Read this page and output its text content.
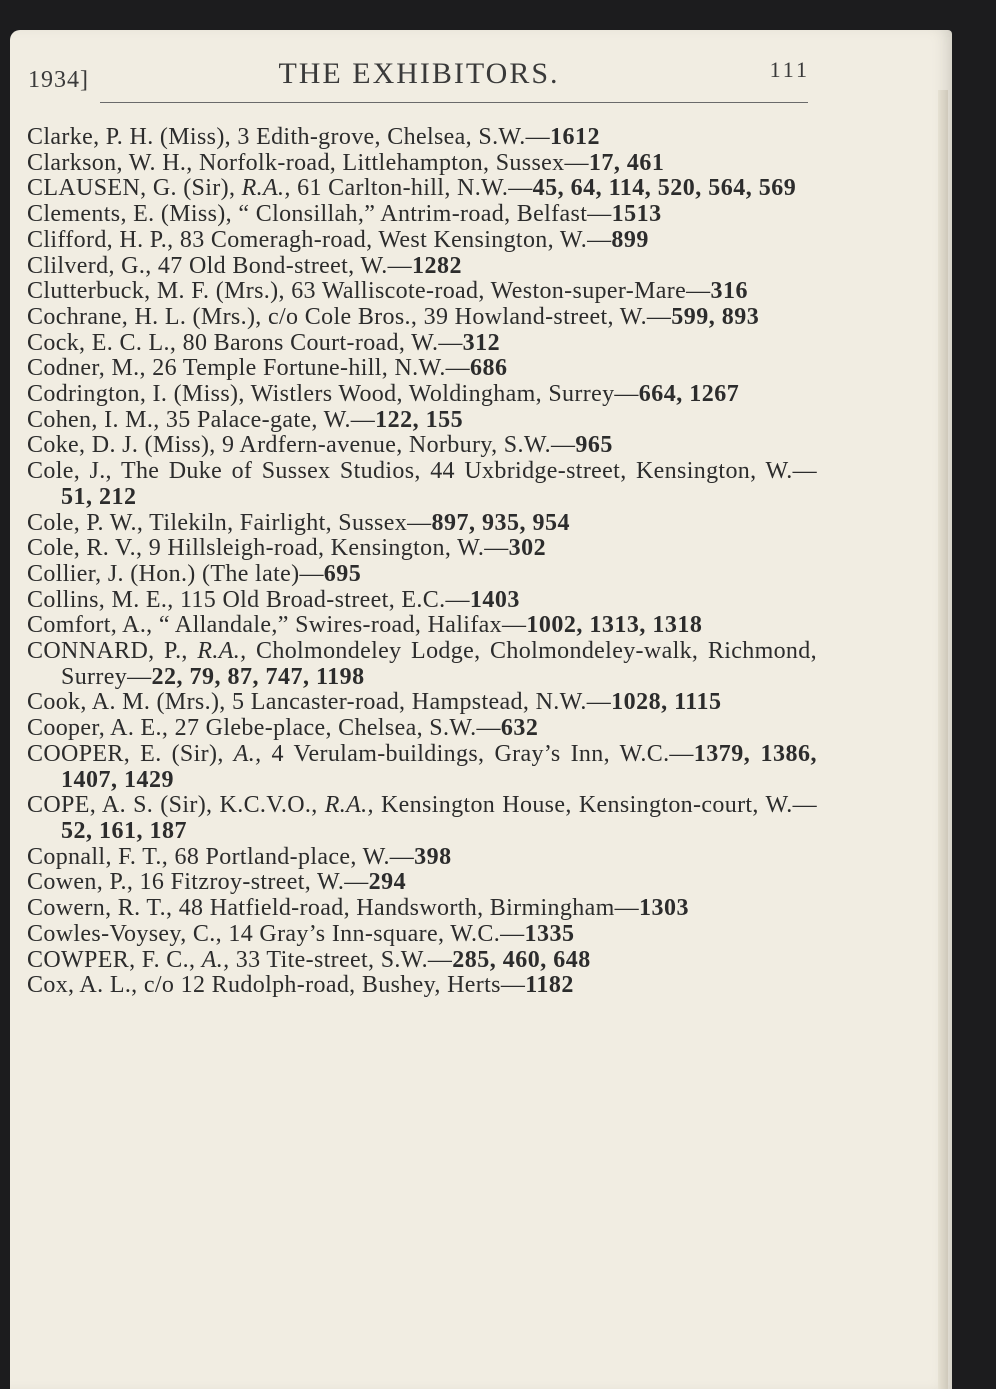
1934]	THE EXHIBITORS.	111
Clarke, P. H. (Miss), 3 Edith-grove, Chelsea, S.W.—1612
Clarkson, W. H., Norfolk-road, Littlehampton, Sussex—17, 461
CLAUSEN, G. (Sir), R.A., 61 Carlton-hill, N.W.—45, 64, 114, 520, 564, 569
Clements, E. (Miss), “ Clonsillah,” Antrim-road, Belfast—1513
Clifford, H. P., 83 Comeragh-road, West Kensington, W.—899
Clilverd, G., 47 Old Bond-street, W.—1282
Clutterbuck, M. F. (Mrs.), 63 Walliscote-road, Weston-super-Mare—316
Cochrane, H. L. (Mrs.), c/o Cole Bros., 39 Howland-street, W.—599, 893
Cock, E. C. L., 80 Barons Court-road, W.—312
Codner, M., 26 Temple Fortune-hill, N.W.—686
Codrington, I. (Miss), Wistlers Wood, Woldingham, Surrey—664, 1267
Cohen, I. M., 35 Palace-gate, W.—122, 155
Coke, D. J. (Miss), 9 Ardfern-avenue, Norbury, S.W.—965
Cole, J., The Duke of Sussex Studios, 44 Uxbridge-street, Kensington, W.—51, 212
Cole, P. W., Tilekiln, Fairlight, Sussex—897, 935, 954
Cole, R. V., 9 Hillsleigh-road, Kensington, W.—302
Collier, J. (Hon.) (The late)—695
Collins, M. E., 115 Old Broad-street, E.C.—1403
Comfort, A., “ Allandale,” Swires-road, Halifax—1002, 1313, 1318
CONNARD, P., R.A., Cholmondeley Lodge, Cholmondeley-walk, Richmond, Surrey—22, 79, 87, 747, 1198
Cook, A. M. (Mrs.), 5 Lancaster-road, Hampstead, N.W.—1028, 1115
Cooper, A. E., 27 Glebe-place, Chelsea, S.W.—632
COOPER, E. (Sir), A., 4 Verulam-buildings, Gray’s Inn, W.C.—1379, 1386, 1407, 1429
COPE, A. S. (Sir), K.C.V.O., R.A., Kensington House, Kensington-court, W.—52, 161, 187
Copnall, F. T., 68 Portland-place, W.—398
Cowen, P., 16 Fitzroy-street, W.—294
Cowern, R. T., 48 Hatfield-road, Handsworth, Birmingham—1303
Cowles-Voysey, C., 14 Gray’s Inn-square, W.C.—1335
COWPER, F. C., A., 33 Tite-street, S.W.—285, 460, 648
Cox, A. L., c/o 12 Rudolph-road, Bushey, Herts—1182
